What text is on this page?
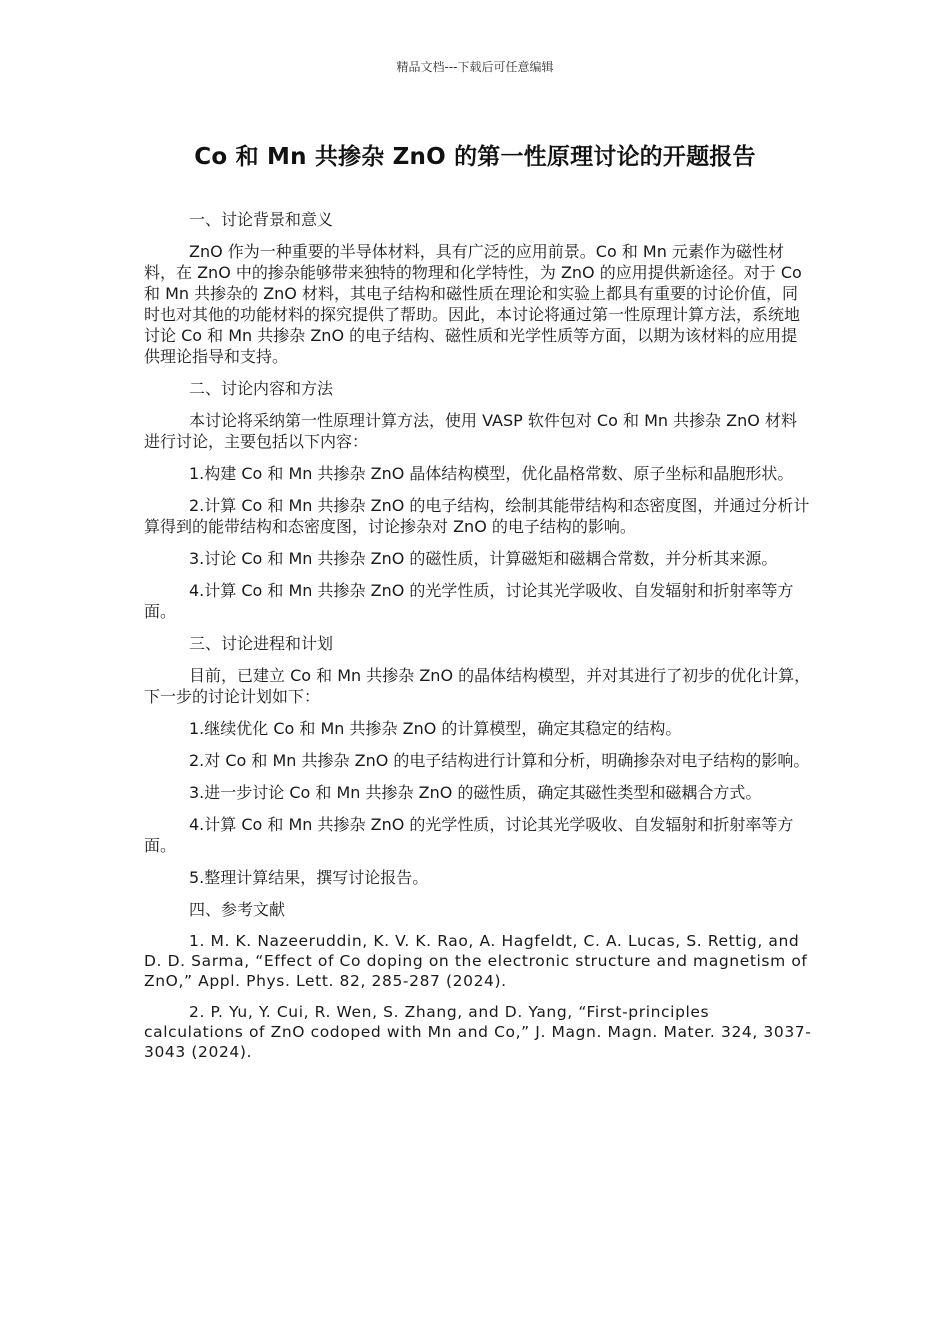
精品文档---下载后可任意编辑
Co 和 Mn 共掺杂 ZnO 的第一性原理讨论的开题报告

一、讨论背景和意义

ZnO 作为一种重要的半导体材料，具有广泛的应用前景。Co 和 Mn 元素作为磁性材料，在 ZnO 中的掺杂能够带来独特的物理和化学特性，为 ZnO 的应用提供新途径。对于 Co 和 Mn 共掺杂的 ZnO 材料，其电子结构和磁性质在理论和实验上都具有重要的讨论价值，同时也对其他的功能材料的探究提供了帮助。因此，本讨论将通过第一性原理计算方法，系统地讨论 Co 和 Mn 共掺杂 ZnO 的电子结构、磁性质和光学性质等方面，以期为该材料的应用提供理论指导和支持。

二、讨论内容和方法

本讨论将采纳第一性原理计算方法，使用 VASP 软件包对 Co 和 Mn 共掺杂 ZnO 材料进行讨论，主要包括以下内容：

1.构建 Co 和 Mn 共掺杂 ZnO 晶体结构模型，优化晶格常数、原子坐标和晶胞形状。

2.计算 Co 和 Mn 共掺杂 ZnO 的电子结构，绘制其能带结构和态密度图，并通过分析计算得到的能带结构和态密度图，讨论掺杂对 ZnO 的电子结构的影响。

3.讨论 Co 和 Mn 共掺杂 ZnO 的磁性质，计算磁矩和磁耦合常数，并分析其来源。

4.计算 Co 和 Mn 共掺杂 ZnO 的光学性质，讨论其光学吸收、自发辐射和折射率等方面。

三、讨论进程和计划

目前，已建立 Co 和 Mn 共掺杂 ZnO 的晶体结构模型，并对其进行了初步的优化计算，下一步的讨论计划如下：

1.继续优化 Co 和 Mn 共掺杂 ZnO 的计算模型，确定其稳定的结构。

2.对 Co 和 Mn 共掺杂 ZnO 的电子结构进行计算和分析，明确掺杂对电子结构的影响。

3.进一步讨论 Co 和 Mn 共掺杂 ZnO 的磁性质，确定其磁性类型和磁耦合方式。

4.计算 Co 和 Mn 共掺杂 ZnO 的光学性质，讨论其光学吸收、自发辐射和折射率等方面。

5.整理计算结果，撰写讨论报告。

四、参考文献

1. M. K. Nazeeruddin, K. V. K. Rao, A. Hagfeldt, C. A. Lucas, S. Rettig, and D. D. Sarma, “Effect of Co doping on the electronic structure and magnetism of ZnO,” Appl. Phys. Lett. 82, 285-287 (2024).

2. P. Yu, Y. Cui, R. Wen, S. Zhang, and D. Yang, “First-principles calculations of ZnO codoped with Mn and Co,” J. Magn. Magn. Mater. 324, 3037-3043 (2024).
